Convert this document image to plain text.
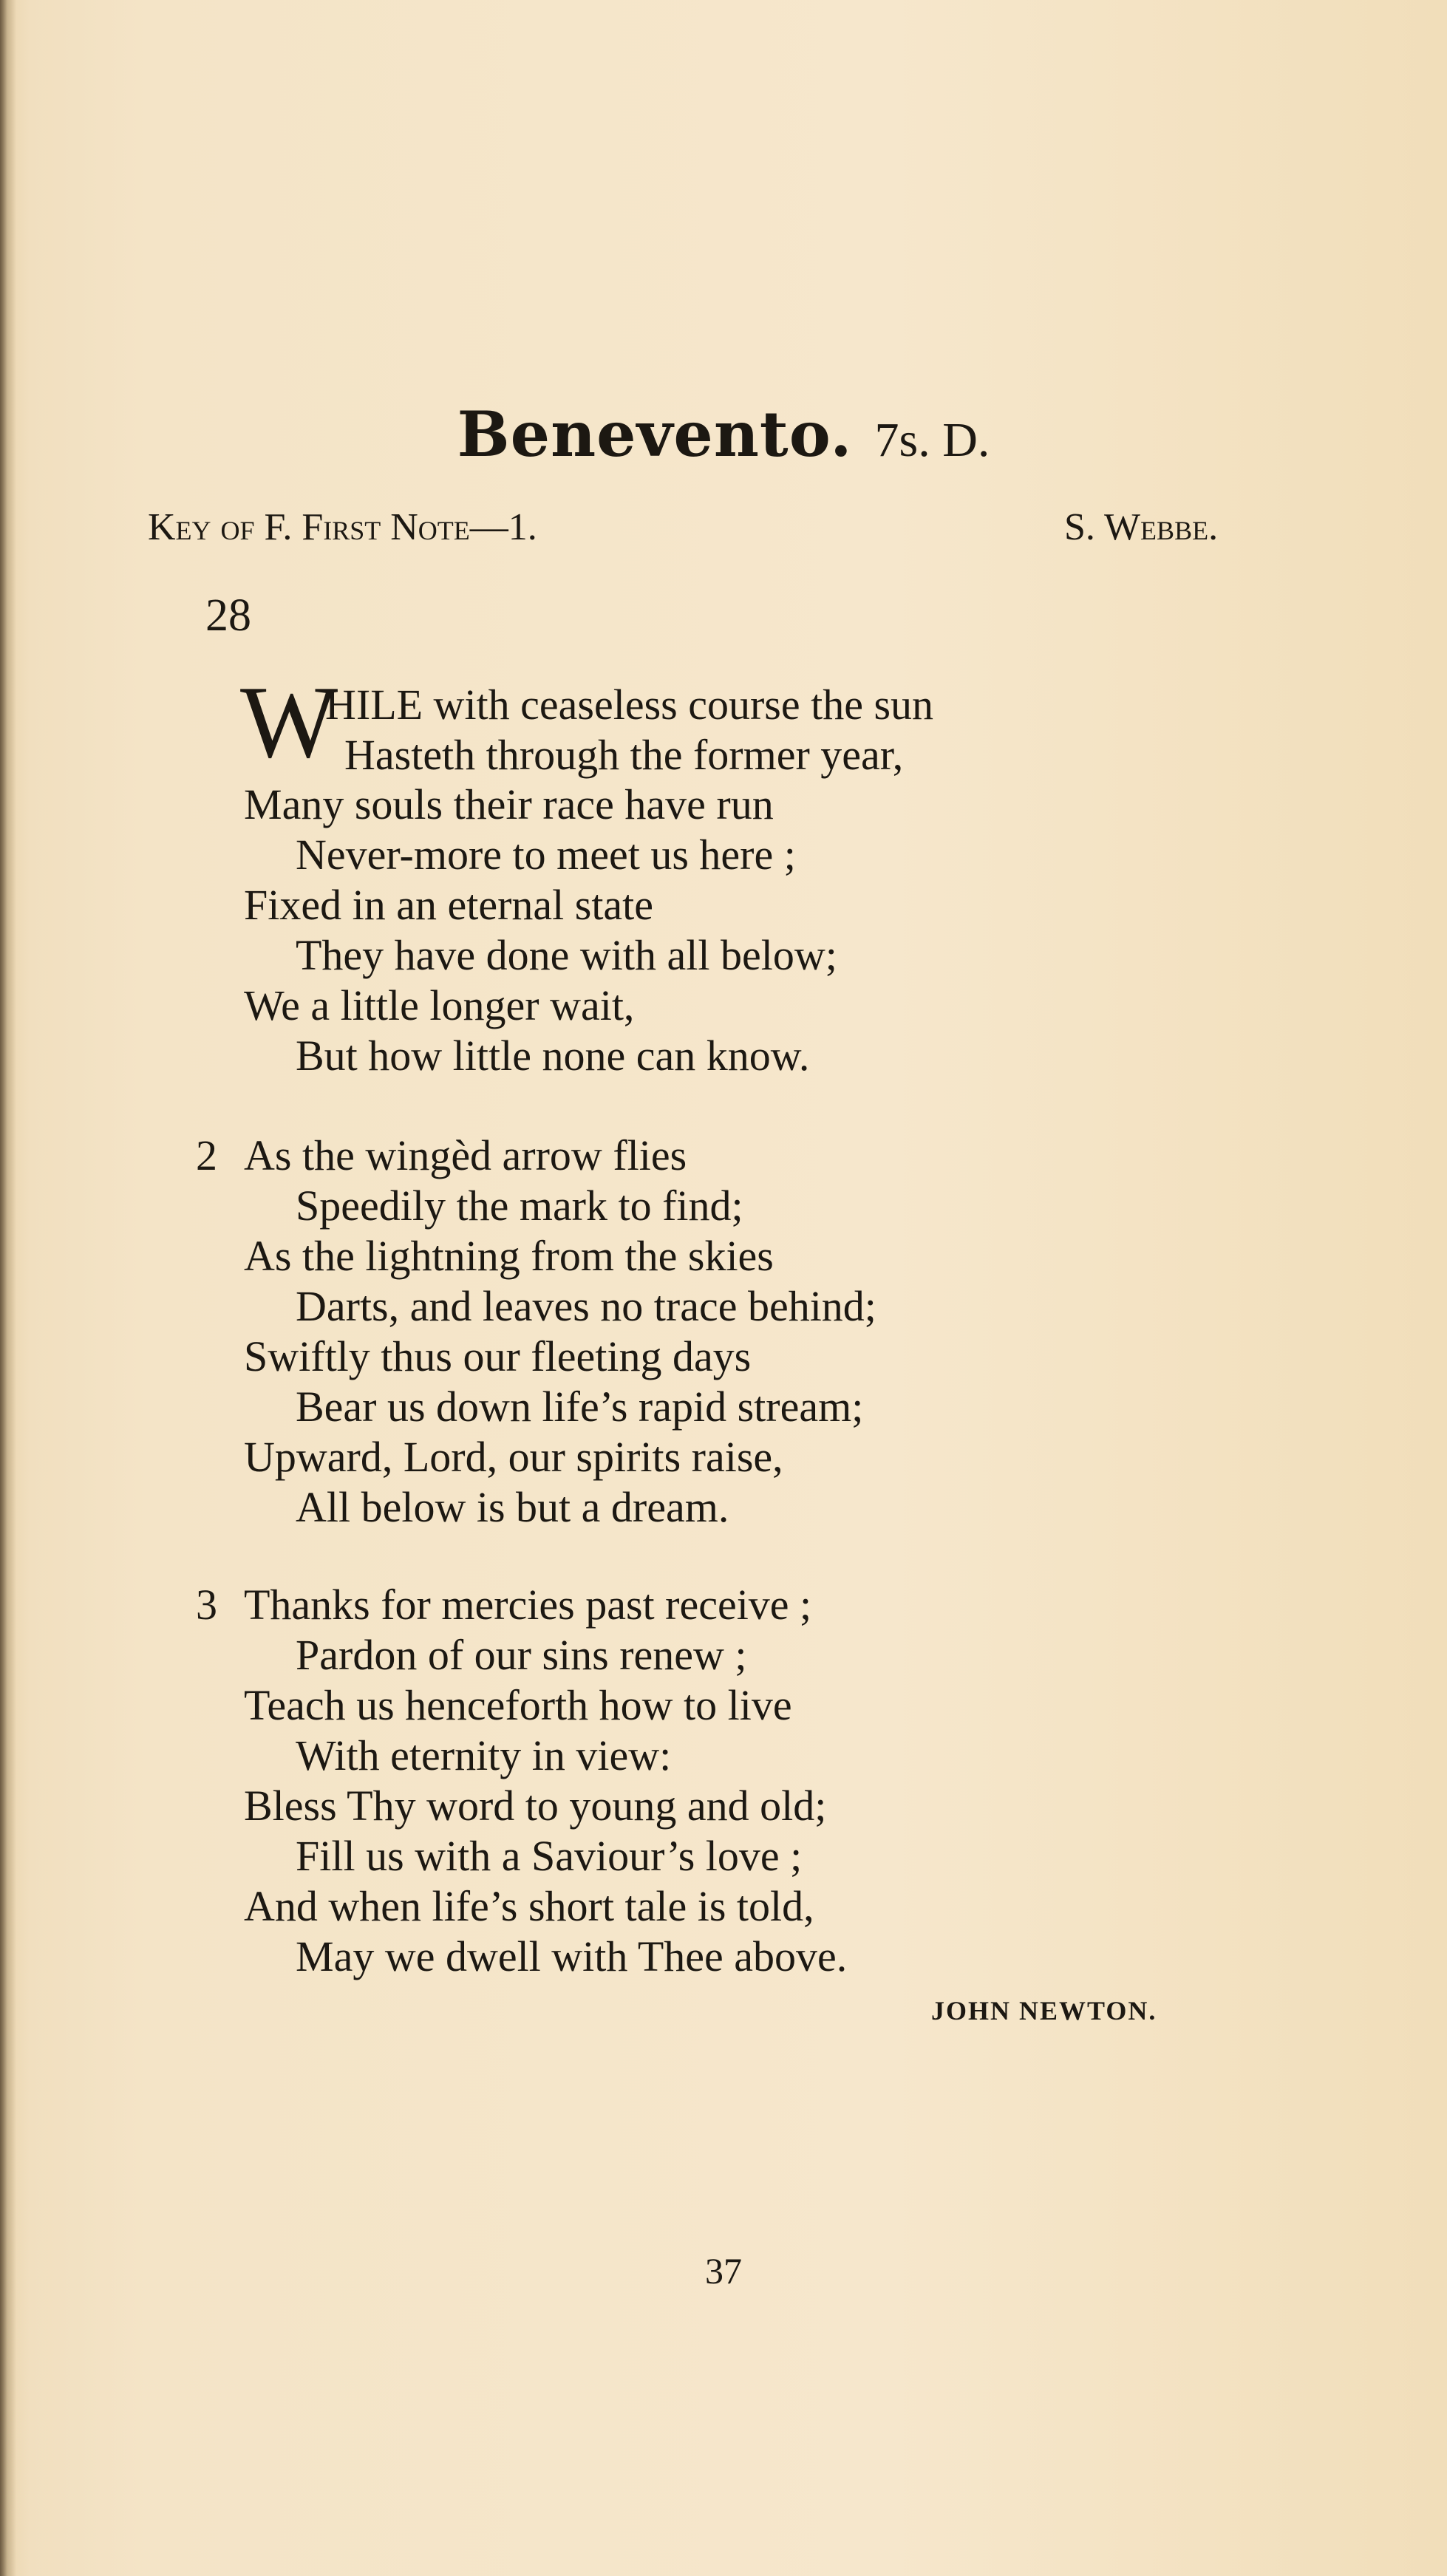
Benevento. 7s. D.
Key of F. First Note—1.	S. Webbe.
28
W
HILE with ceaseless course the sun
Hasteth through the former year,
Many souls their race have run
Never-more to meet us here ;
Fixed in an eternal state
They have done with all below;
We a little longer wait,
But how little none can know.
2 As the wingèd arrow flies
Speedily the mark to find;
As the lightning from the skies
Darts, and leaves no trace behind;
Swiftly thus our fleeting days
Bear us down life’s rapid stream;
Upward, Lord, our spirits raise,
All below is but a dream.
3 Thanks for mercies past receive ;
Pardon of our sins renew ;
Teach us henceforth how to live
With eternity in view:
Bless Thy word to young and old;
Fill us with a Saviour’s love ;
And when life’s short tale is told,
May we dwell with Thee above.
JOHN NEWTON.
37
